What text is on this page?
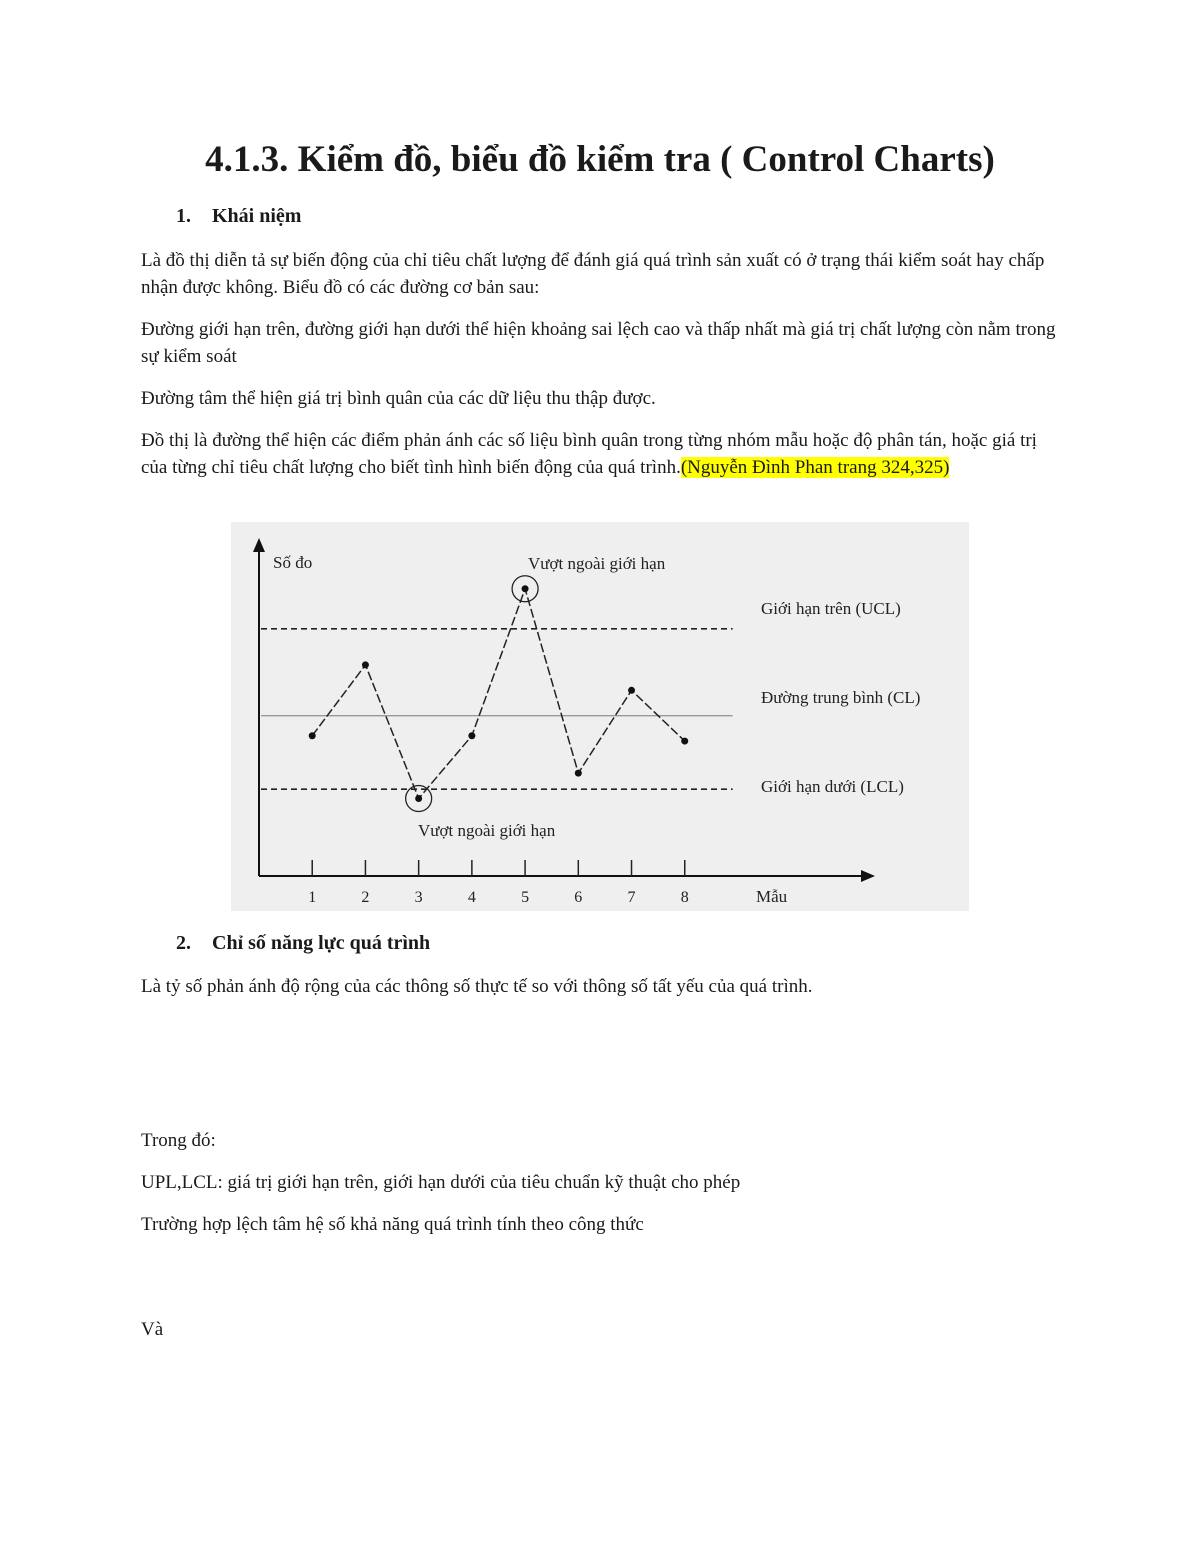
4.1.3. Kiểm đồ, biểu đồ kiểm tra ( Control Charts)
1. Khái niệm

Là đồ thị diễn tả sự biến động của chỉ tiêu chất lượng để đánh giá quá trình sản xuất có ở trạng thái kiểm soát hay chấp nhận được không. Biểu đồ có các đường cơ bản sau:

Đường giới hạn trên, đường giới hạn dưới thể hiện khoảng sai lệch cao và thấp nhất mà giá trị chất lượng còn nằm trong sự kiểm soát

Đường tâm thể hiện giá trị bình quân của các dữ liệu thu thập được.

Đồ thị là đường thể hiện các điểm phản ánh các số liệu bình quân trong từng nhóm mẫu hoặc độ phân tán, hoặc giá trị của từng chỉ tiêu chất lượng cho biết tình hình biến động của quá trình.(Nguyễn Đình Phan trang 324,325)

1	2	3	4	5	6	7	8
Số đo
Mẫu
Giới hạn trên (UCL)
Đường trung bình (CL)
Giới hạn dưới (LCL)
Vượt ngoài giới hạn
Vượt ngoài giới hạn
2. Chỉ số năng lực quá trình

Là tỷ số phản ánh độ rộng của các thông số thực tế so với thông số tất yếu của quá trình.

Trong đó:

UPL,LCL: giá trị giới hạn trên, giới hạn dưới của tiêu chuẩn kỹ thuật cho phép

Trường hợp lệch tâm hệ số khả năng quá trình tính theo công thức

Và
